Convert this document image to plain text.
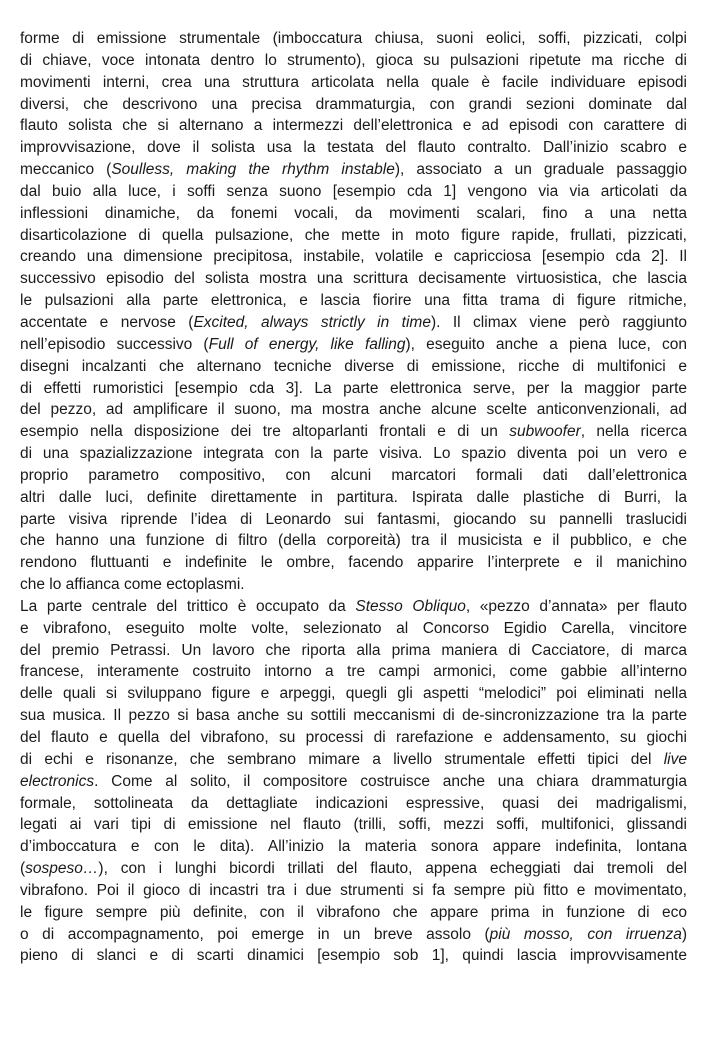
forme di emissione strumentale (imboccatura chiusa, suoni eolici, soffi, pizzicati, colpi
di chiave, voce intonata dentro lo strumento), gioca su pulsazioni ripetute ma ricche di
movimenti interni, crea una struttura articolata nella quale è facile individuare episodi
diversi, che descrivono una precisa drammaturgia, con grandi sezioni dominate dal
flauto solista che si alternano a intermezzi dell’elettronica e ad episodi con carattere di
improvvisazione, dove il solista usa la testata del flauto contralto. Dall’inizio scabro e
meccanico (Soulless, making the rhythm instable), associato a un graduale passaggio
dal buio alla luce, i soffi senza suono [esempio cda 1] vengono via via articolati da
inflessioni dinamiche, da fonemi vocali, da movimenti scalari, fino a una netta
disarticolazione di quella pulsazione, che mette in moto figure rapide, frullati, pizzicati,
creando una dimensione precipitosa, instabile, volatile e capricciosa [esempio cda 2]. Il
successivo episodio del solista mostra una scrittura decisamente virtuosistica, che lascia
le pulsazioni alla parte elettronica, e lascia fiorire una fitta trama di figure ritmiche,
accentate e nervose (Excited, always strictly in time). Il climax viene però raggiunto
nell’episodio successivo (Full of energy, like falling), eseguito anche a piena luce, con
disegni incalzanti che alternano tecniche diverse di emissione, ricche di multifonici e
di effetti rumoristici [esempio cda 3]. La parte elettronica serve, per la maggior parte
del pezzo, ad amplificare il suono, ma mostra anche alcune scelte anticonvenzionali, ad
esempio nella disposizione dei tre altoparlanti frontali e di un subwoofer, nella ricerca
di una spazializzazione integrata con la parte visiva. Lo spazio diventa poi un vero e
proprio parametro compositivo, con alcuni marcatori formali dati dall’elettronica
altri dalle luci, definite direttamente in partitura. Ispirata dalle plastiche di Burri, la
parte visiva riprende l’idea di Leonardo sui fantasmi, giocando su pannelli traslucidi
che hanno una funzione di filtro (della corporeità) tra il musicista e il pubblico, e che
rendono fluttuanti e indefinite le ombre, facendo apparire l’interprete e il manichino
che lo affianca come ectoplasmi.
La parte centrale del trittico è occupato da Stesso Obliquo, «pezzo d’annata» per flauto
e vibrafono, eseguito molte volte, selezionato al Concorso Egidio Carella, vincitore
del premio Petrassi. Un lavoro che riporta alla prima maniera di Cacciatore, di marca
francese, interamente costruito intorno a tre campi armonici, come gabbie all’interno
delle quali si sviluppano figure e arpeggi, quegli gli aspetti “melodici” poi eliminati nella
sua musica. Il pezzo si basa anche su sottili meccanismi di de-sincronizzazione tra la parte
del flauto e quella del vibrafono, su processi di rarefazione e addensamento, su giochi
di echi e risonanze, che sembrano mimare a livello strumentale effetti tipici del live
electronics. Come al solito, il compositore costruisce anche una chiara drammaturgia
formale, sottolineata da dettagliate indicazioni espressive, quasi dei madrigalismi,
legati ai vari tipi di emissione nel flauto (trilli, soffi, mezzi soffi, multifonici, glissandi
d’imboccatura e con le dita). All’inizio la materia sonora appare indefinita, lontana
(sospeso…), con i lunghi bicordi trillati del flauto, appena echeggiati dai tremoli del
vibrafono. Poi il gioco di incastri tra i due strumenti si fa sempre più fitto e movimentato,
le figure sempre più definite, con il vibrafono che appare prima in funzione di eco
o di accompagnamento, poi emerge in un breve assolo (più mosso, con irruenza)
pieno di slanci e di scarti dinamici [esempio sob 1], quindi lascia improvvisamente
